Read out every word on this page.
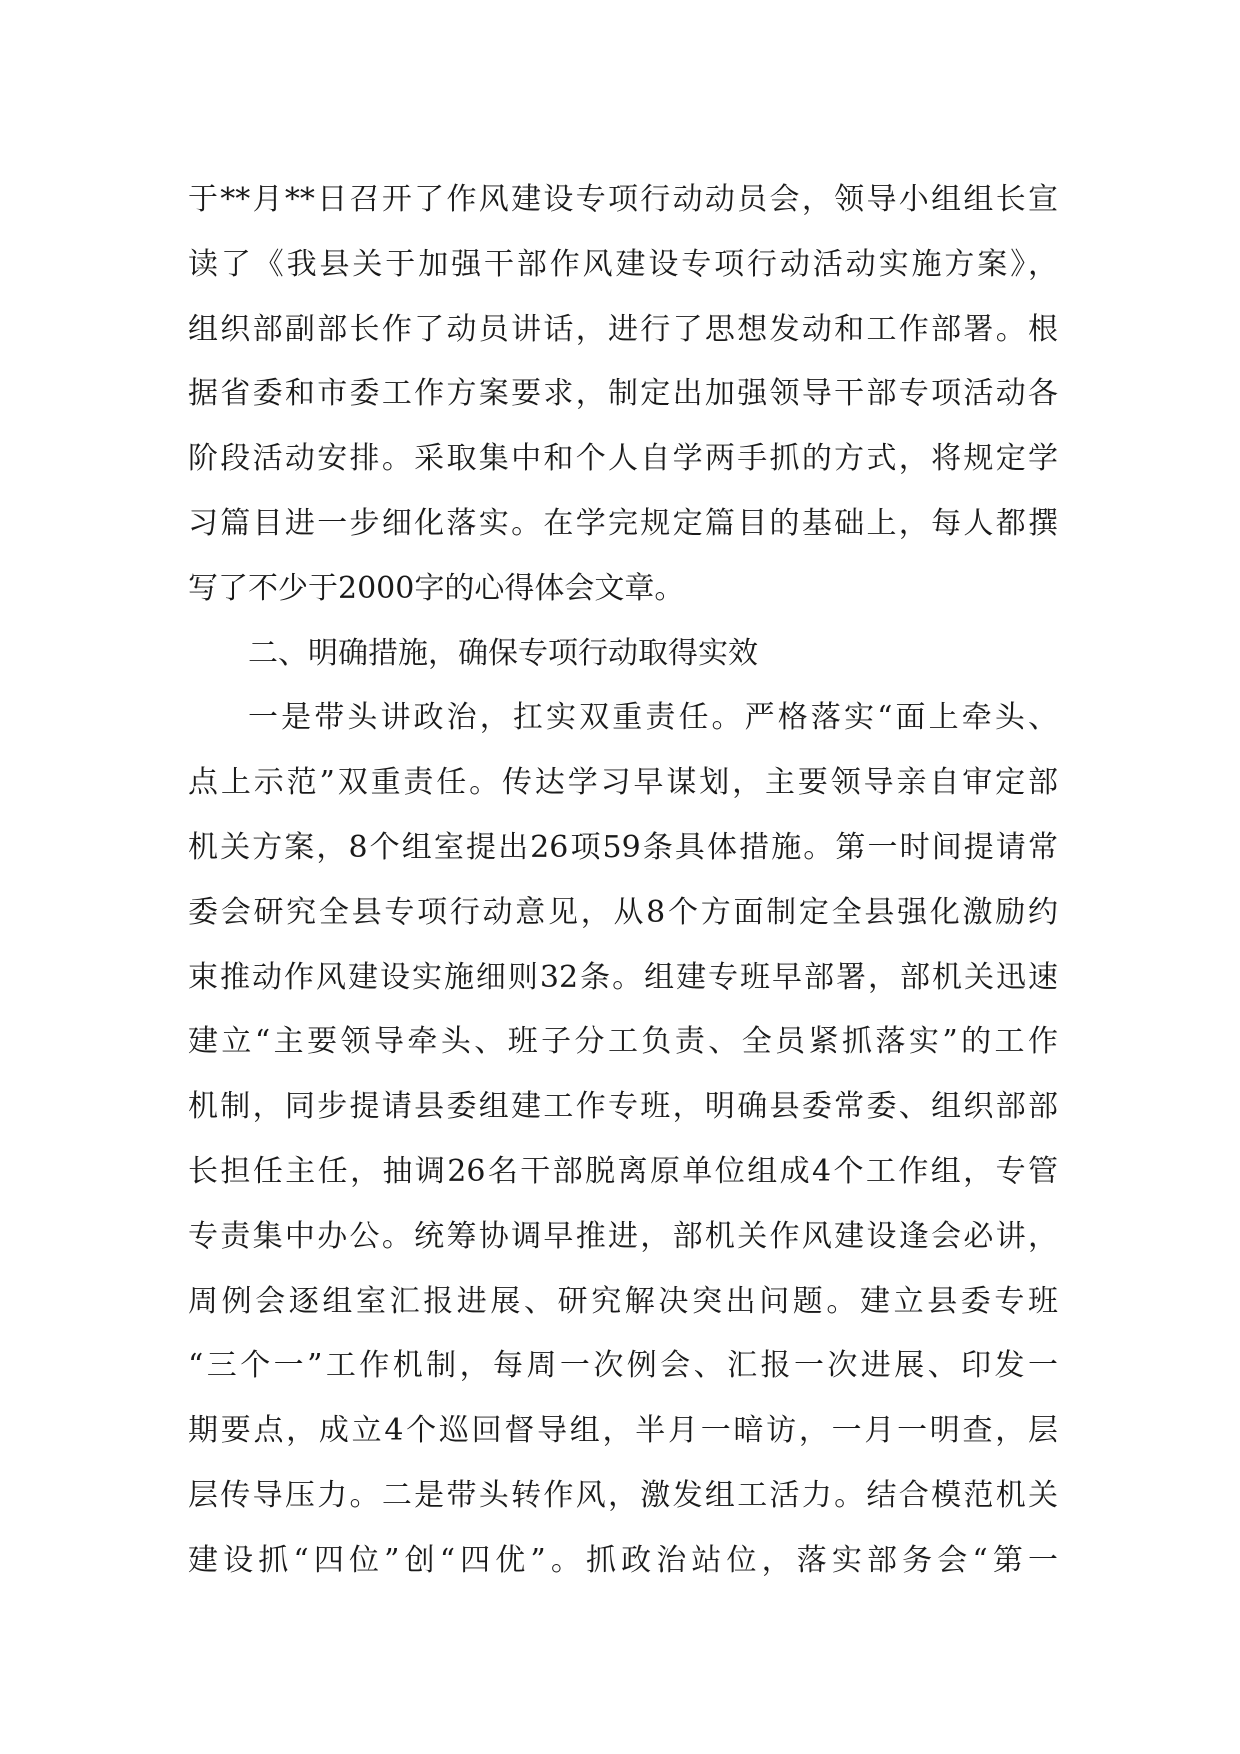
于**月**日召开了作风建设专项行动动员会，领导小组组长宣
读了《我县关于加强干部作风建设专项行动活动实施方案》，
组织部副部长作了动员讲话，进行了思想发动和工作部署。根
据省委和市委工作方案要求，制定出加强领导干部专项活动各
阶段活动安排。采取集中和个人自学两手抓的方式，将规定学
习篇目进一步细化落实。在学完规定篇目的基础上，每人都撰
写了不少于2000字的心得体会文章。

二、明确措施，确保专项行动取得实效

一是带头讲政治，扛实双重责任。严格落实“面上牵头、
点上示范”双重责任。传达学习早谋划，主要领导亲自审定部
机关方案，8个组室提出26项59条具体措施。第一时间提请常
委会研究全县专项行动意见，从8个方面制定全县强化激励约
束推动作风建设实施细则32条。组建专班早部署，部机关迅速
建立“主要领导牵头、班子分工负责、全员紧抓落实”的工作
机制，同步提请县委组建工作专班，明确县委常委、组织部部
长担任主任，抽调26名干部脱离原单位组成4个工作组，专管
专责集中办公。统筹协调早推进，部机关作风建设逢会必讲，
周例会逐组室汇报进展、研究解决突出问题。建立县委专班
“三个一”工作机制，每周一次例会、汇报一次进展、印发一
期要点，成立4个巡回督导组，半月一暗访，一月一明查，层
层传导压力。二是带头转作风，激发组工活力。结合模范机关
建设抓“四位”创“四优”。抓政治站位，落实部务会“第一
